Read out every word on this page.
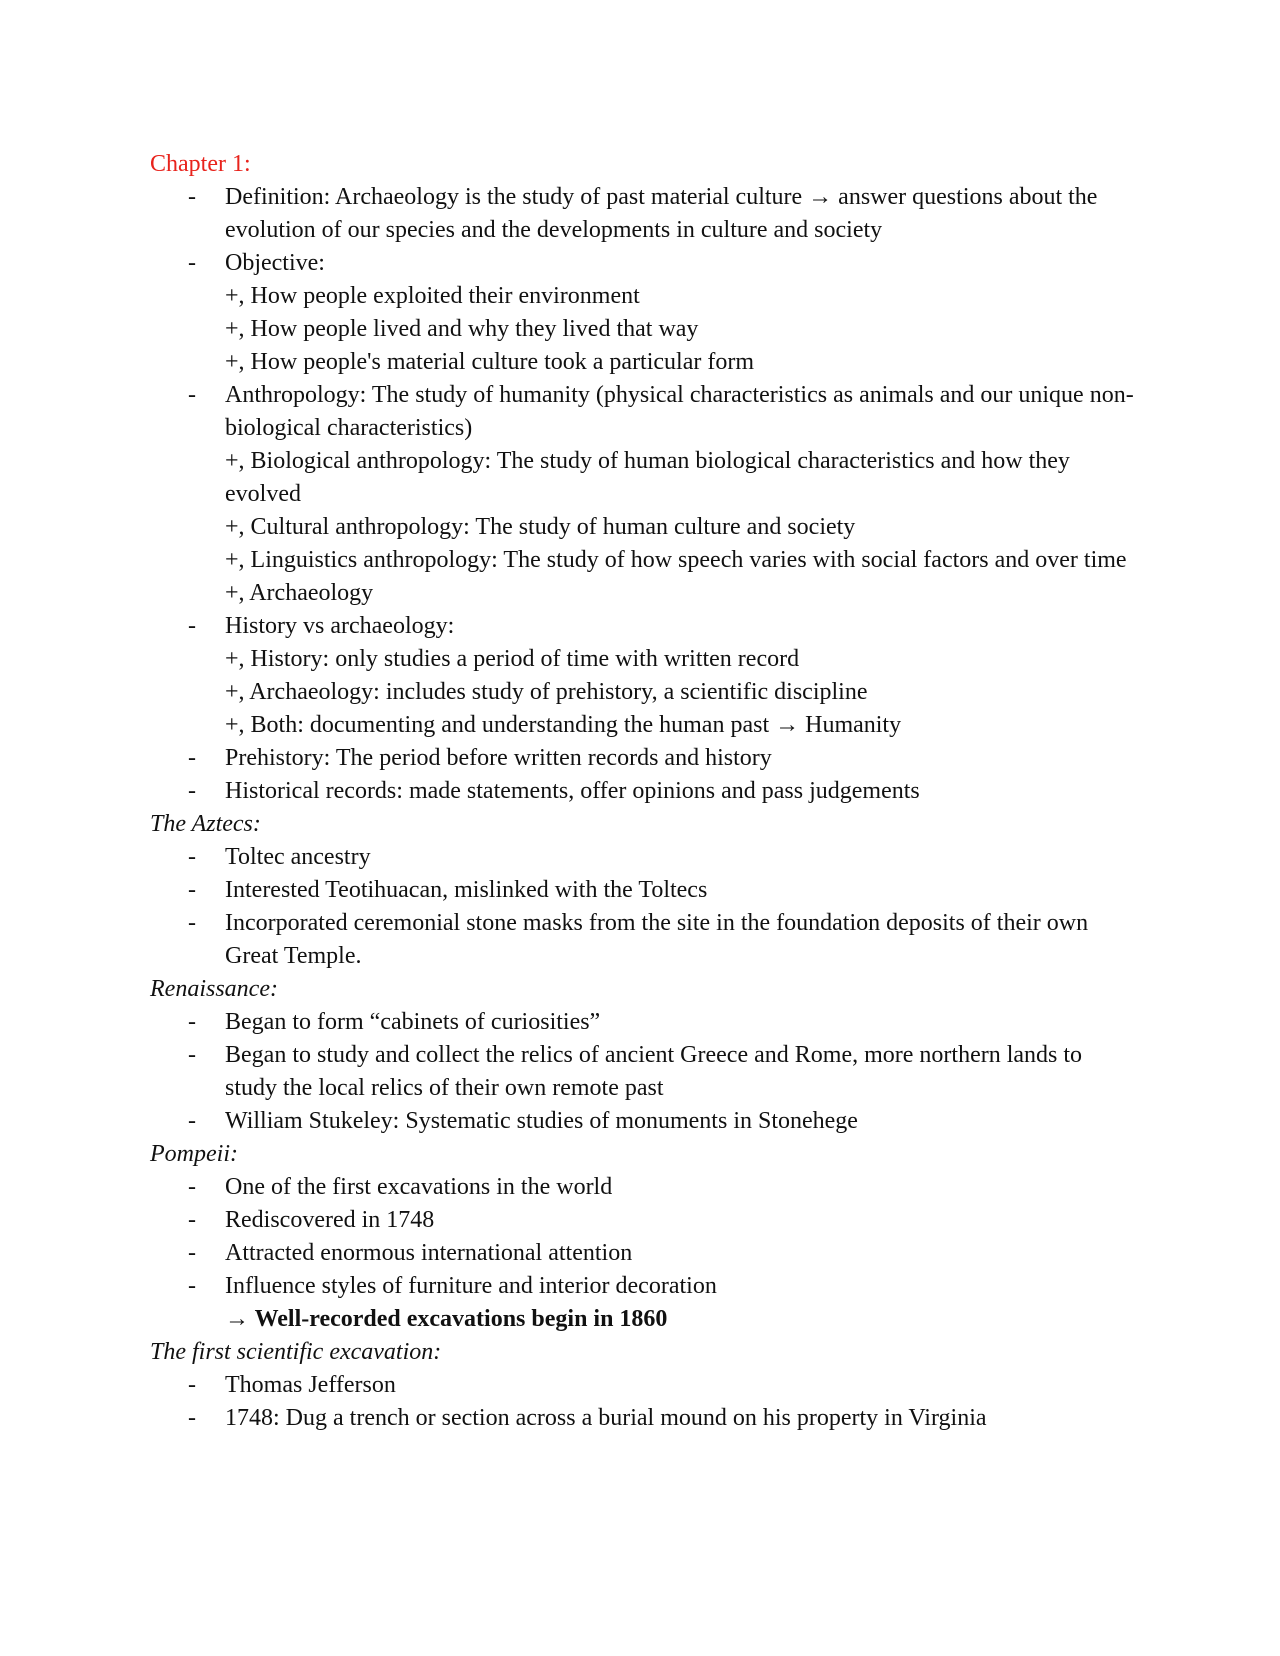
Chapter 1:

- Definition: Archaeology is the study of past material culture → answer questions about the evolution of our species and the developments in culture and society
- Objective:
+, How people exploited their environment
+, How people lived and why they lived that way
+, How people's material culture took a particular form
- Anthropology: The study of humanity (physical characteristics as animals and our unique non-biological characteristics)
+, Biological anthropology: The study of human biological characteristics and how they evolved
+, Cultural anthropology: The study of human culture and society
+, Linguistics anthropology: The study of how speech varies with social factors and over time
+, Archaeology
- History vs archaeology:
+, History: only studies a period of time with written record
+, Archaeology: includes study of prehistory, a scientific discipline
+, Both: documenting and understanding the human past → Humanity
- Prehistory: The period before written records and history
- Historical records: made statements, offer opinions and pass judgements

The Aztecs:

- Toltec ancestry
- Interested Teotihuacan, mislinked with the Toltecs
- Incorporated ceremonial stone masks from the site in the foundation deposits of their own Great Temple.

Renaissance:

- Began to form “cabinets of curiosities”
- Began to study and collect the relics of ancient Greece and Rome, more northern lands to study the local relics of their own remote past
- William Stukeley: Systematic studies of monuments in Stonehege

Pompeii:

- One of the first excavations in the world
- Rediscovered in 1748
- Attracted enormous international attention
- Influence styles of furniture and interior decoration
→ Well-recorded excavations begin in 1860

The first scientific excavation:

- Thomas Jefferson
- 1748: Dug a trench or section across a burial mound on his property in Virginia
